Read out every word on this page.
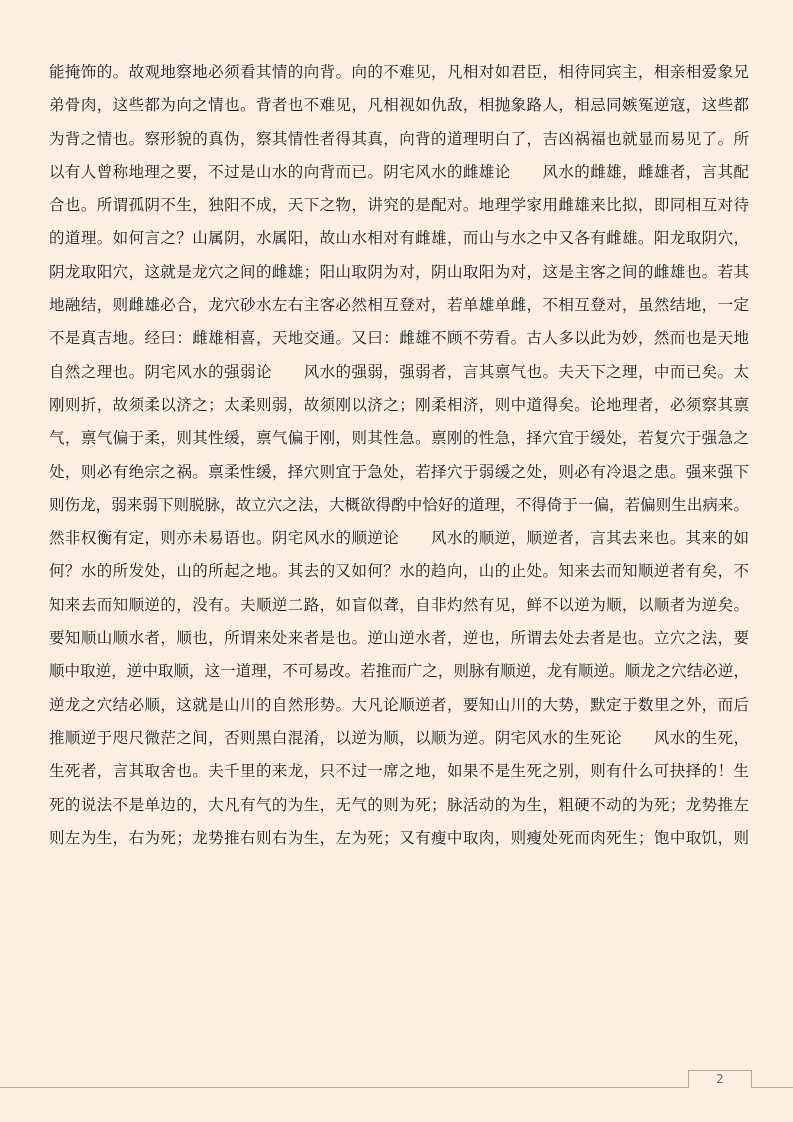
能掩饰的。故观地察地必须看其情的向背。向的不难见，凡相对如君臣，相待同宾主，相亲相爱象兄
弟骨肉，这些都为向之情也。背者也不难见，凡相视如仇敌，相抛象路人，相忌同嫉冤逆寇，这些都
为背之情也。察形貌的真伪，察其情性者得其真，向背的道理明白了，吉凶祸福也就显而易见了。所
以有人曾称地理之要，不过是山水的向背而已。阴宅风水的雌雄论　　风水的雌雄，雌雄者，言其配
合也。所谓孤阴不生，独阳不成，天下之物，讲究的是配对。地理学家用雌雄来比拟，即同相互对待
的道理。如何言之？山属阴，水属阳，故山水相对有雌雄，而山与水之中又各有雌雄。阳龙取阴穴，
阴龙取阳穴，这就是龙穴之间的雌雄；阳山取阴为对，阴山取阳为对，这是主客之间的雌雄也。若其
地融结，则雌雄必合，龙穴砂水左右主客必然相互登对，若单雄单雌，不相互登对，虽然结地，一定
不是真吉地。经曰：雌雄相喜，天地交通。又曰：雌雄不顾不劳看。古人多以此为妙，然而也是天地
自然之理也。阴宅风水的强弱论　　风水的强弱，强弱者，言其禀气也。夫天下之理，中而已矣。太
刚则折，故须柔以济之；太柔则弱，故须刚以济之；刚柔相济，则中道得矣。论地理者，必须察其禀
气，禀气偏于柔，则其性缓，禀气偏于刚，则其性急。禀刚的性急，择穴宜于缓处，若复穴于强急之
处，则必有绝宗之祸。禀柔性缓，择穴则宜于急处，若择穴于弱缓之处，则必有冷退之患。强来强下
则伤龙，弱来弱下则脱脉，故立穴之法，大概欲得酌中恰好的道理，不得倚于一偏，若偏则生出病来。
然非权衡有定，则亦未易语也。阴宅风水的顺逆论　　风水的顺逆，顺逆者，言其去来也。其来的如
何？水的所发处，山的所起之地。其去的又如何？水的趋向，山的止处。知来去而知顺逆者有矣，不
知来去而知顺逆的，没有。夫顺逆二路，如盲似聋，自非灼然有见，鲜不以逆为顺，以顺者为逆矣。
要知顺山顺水者，顺也，所谓来处来者是也。逆山逆水者，逆也，所谓去处去者是也。立穴之法，要
顺中取逆，逆中取顺，这一道理，不可易改。若推而广之，则脉有顺逆，龙有顺逆。顺龙之穴结必逆，
逆龙之穴结必顺，这就是山川的自然形势。大凡论顺逆者，要知山川的大势，默定于数里之外，而后
推顺逆于咫尺微茫之间，否则黑白混淆，以逆为顺，以顺为逆。阴宅风水的生死论　　风水的生死，
生死者，言其取舍也。夫千里的来龙，只不过一席之地，如果不是生死之别，则有什么可抉择的！生
死的说法不是单边的，大凡有气的为生，无气的则为死；脉活动的为生，粗硬不动的为死；龙势推左
则左为生，右为死；龙势推右则右为生，左为死；又有瘦中取肉，则瘦处死而肉死生；饱中取饥，则
2
